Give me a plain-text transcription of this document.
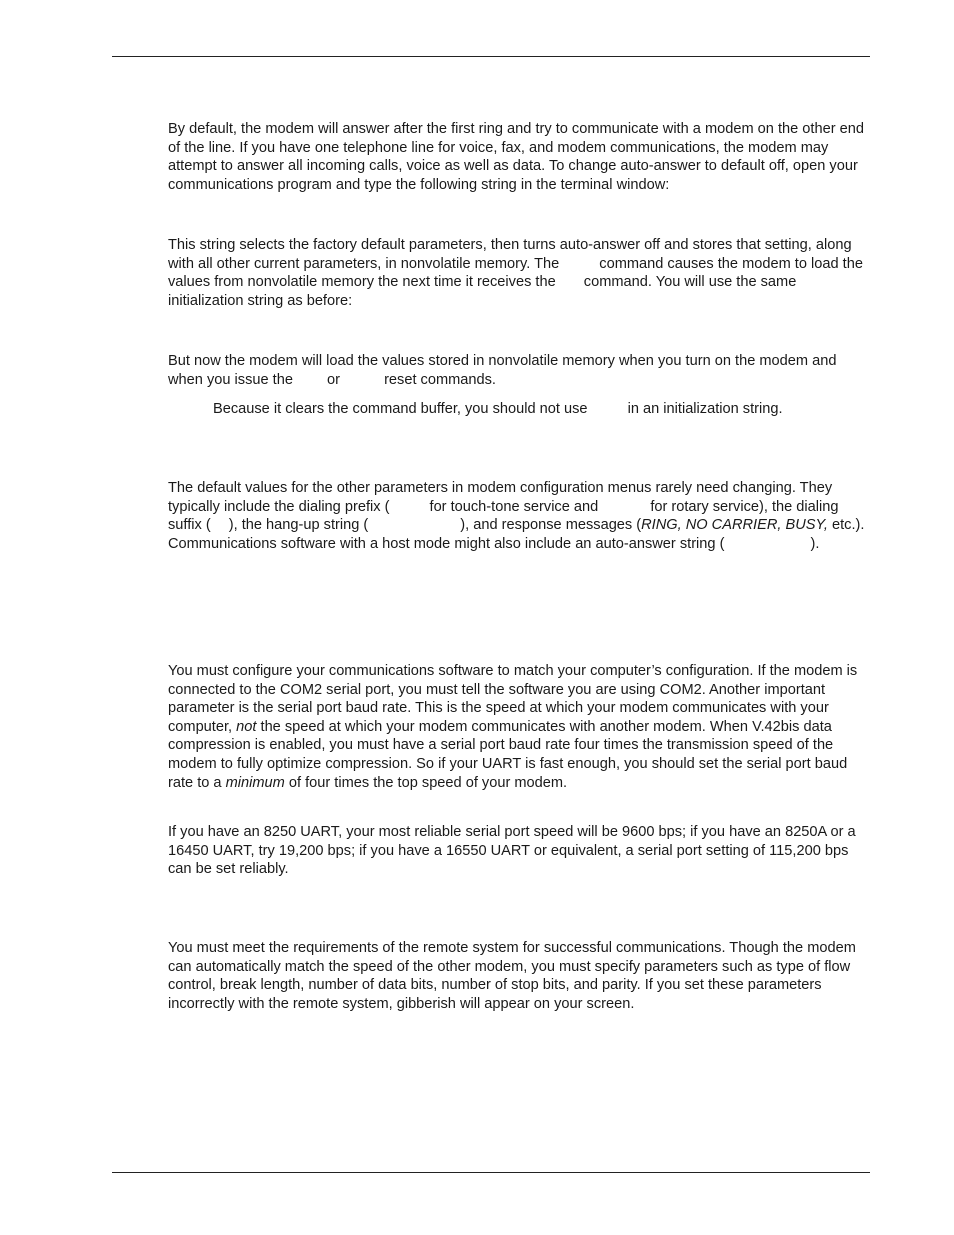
By default, the modem will answer after the first ring and try to communicate with a modem on the other end of the line. If you have one telephone line for voice, fax, and modem communications, the modem may attempt to answer all incoming calls, voice as well as data. To change auto-answer to default off, open your communications program and type the following string in the terminal window:

This string selects the factory default parameters, then turns auto-answer off and stores that setting, along with all other current parameters, in nonvolatile memory. The	command causes the modem to load the values from nonvolatile memory the next time it receives the command. You will use the same initialization string as before:

But now the modem will load the values stored in nonvolatile memory when you turn on the modem and when you issue the or	reset commands.

Because it clears the command buffer, you should not use	in an initialization string.

The default values for the other parameters in modem configuration menus rarely need changing. They typically include the dialing prefix (	for touch-tone service and	for rotary service), the dialing suffix ( ), the hang-up string (	), and response messages (RING, NO CARRIER, BUSY, etc.). Communications software with a host mode might also include an auto-answer string (	).

You must configure your communications software to match your computer’s configuration. If the modem is connected to the COM2 serial port, you must tell the software you are using COM2. Another important parameter is the serial port baud rate. This is the speed at which your modem communicates with your computer, not the speed at which your modem communicates with another modem. When V.42bis data compression is enabled, you must have a serial port baud rate four times the transmission speed of the modem to fully optimize compression. So if your UART is fast enough, you should set the serial port baud rate to a minimum of four times the top speed of your modem.

If you have an 8250 UART, your most reliable serial port speed will be 9600 bps; if you have an 8250A or a 16450 UART, try 19,200 bps; if you have a 16550 UART or equivalent, a serial port setting of 115,200 bps can be set reliably.

You must meet the requirements of the remote system for successful communications. Though the modem can automatically match the speed of the other modem, you must specify parameters such as type of flow control, break length, number of data bits, number of stop bits, and parity. If you set these parameters incorrectly with the remote system, gibberish will appear on your screen.
